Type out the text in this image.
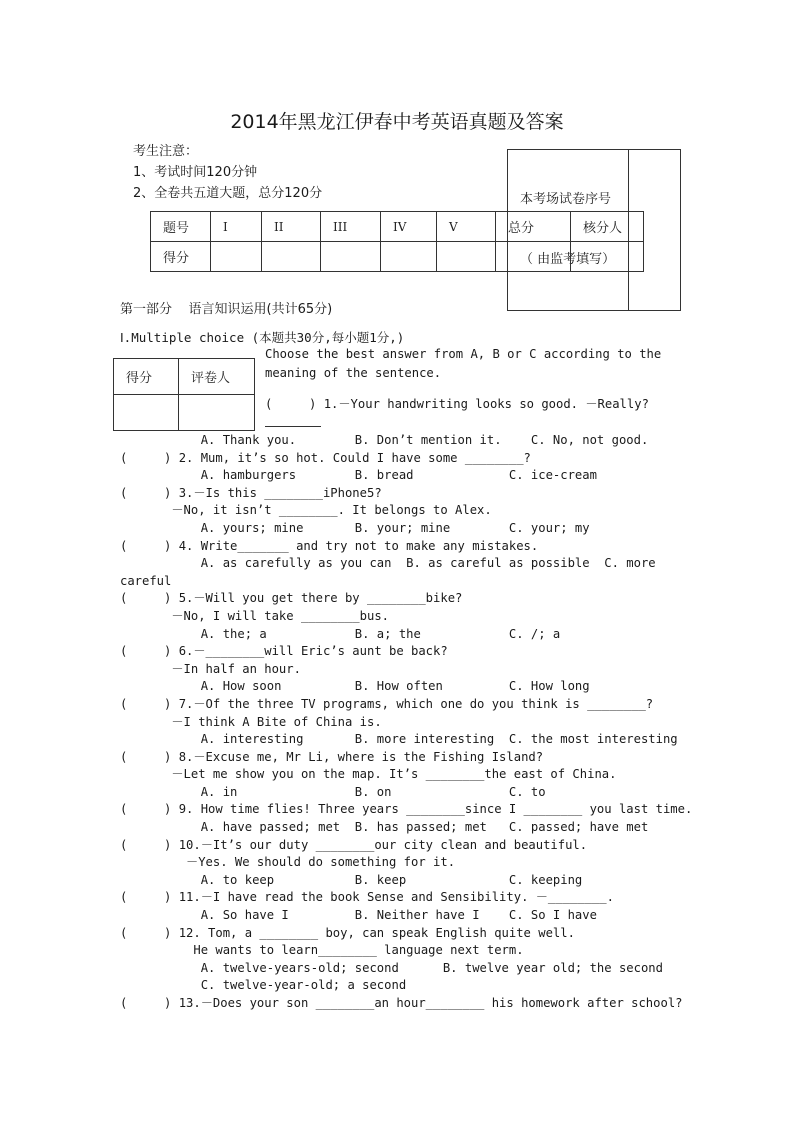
2014年黑龙江伊春中考英语真题及答案
考生注意：
1、考试时间120分钟
2、全卷共五道大题，总分120分

	本考场试卷序号

（ 由监考填写）

题号	I	II	III	IV	V	总分	核分人
得分							
第一部分    语言知识运用(共计65分)
Ⅰ.Multiple choice (本题共30分,每小题1分,)
得分	评卷人

Choose the best answer from A, B or C according to the
meaning of the sentence.
(     ) 1.－Your handwriting looks so good. －Really?
A. Thank you.        B. Don’t mention it.    C. No, not good.
(     ) 2. Mum, it’s so hot. Could I have some ________?
A. hamburgers        B. bread             C. ice-cream
(     ) 3.－Is this ________iPhone5?
－No, it isn’t ________. It belongs to Alex.
A. yours; mine       B. your; mine        C. your; my
(     ) 4. Write_______ and try not to make any mistakes.
A. as carefully as you can  B. as careful as possible  C. more
careful
(     ) 5.－Will you get there by ________bike?
－No, I will take ________bus.
A. the; a            B. a; the            C. /; a
(     ) 6.－________will Eric’s aunt be back?
－In half an hour.
A. How soon          B. How often         C. How long
(     ) 7.－Of the three TV programs, which one do you think is ________?
－I think A Bite of China is.
A. interesting       B. more interesting  C. the most interesting
(     ) 8.－Excuse me, Mr Li, where is the Fishing Island?
－Let me show you on the map. It’s ________the east of China.
A. in                B. on                C. to
(     ) 9. How time flies! Three years ________since I ________ you last time.
A. have passed; met  B. has passed; met   C. passed; have met
(     ) 10.－It’s our duty ________our city clean and beautiful.
－Yes. We should do something for it.
A. to keep           B. keep              C. keeping
(     ) 11.－I have read the book Sense and Sensibility. －________.
A. So have I         B. Neither have I    C. So I have
(     ) 12. Tom, a ________ boy, can speak English quite well.
He wants to learn________ language next term.
A. twelve-years-old; second      B. twelve year old; the second
C. twelve-year-old; a second
(     ) 13.－Does your son ________an hour________ his homework after school?
